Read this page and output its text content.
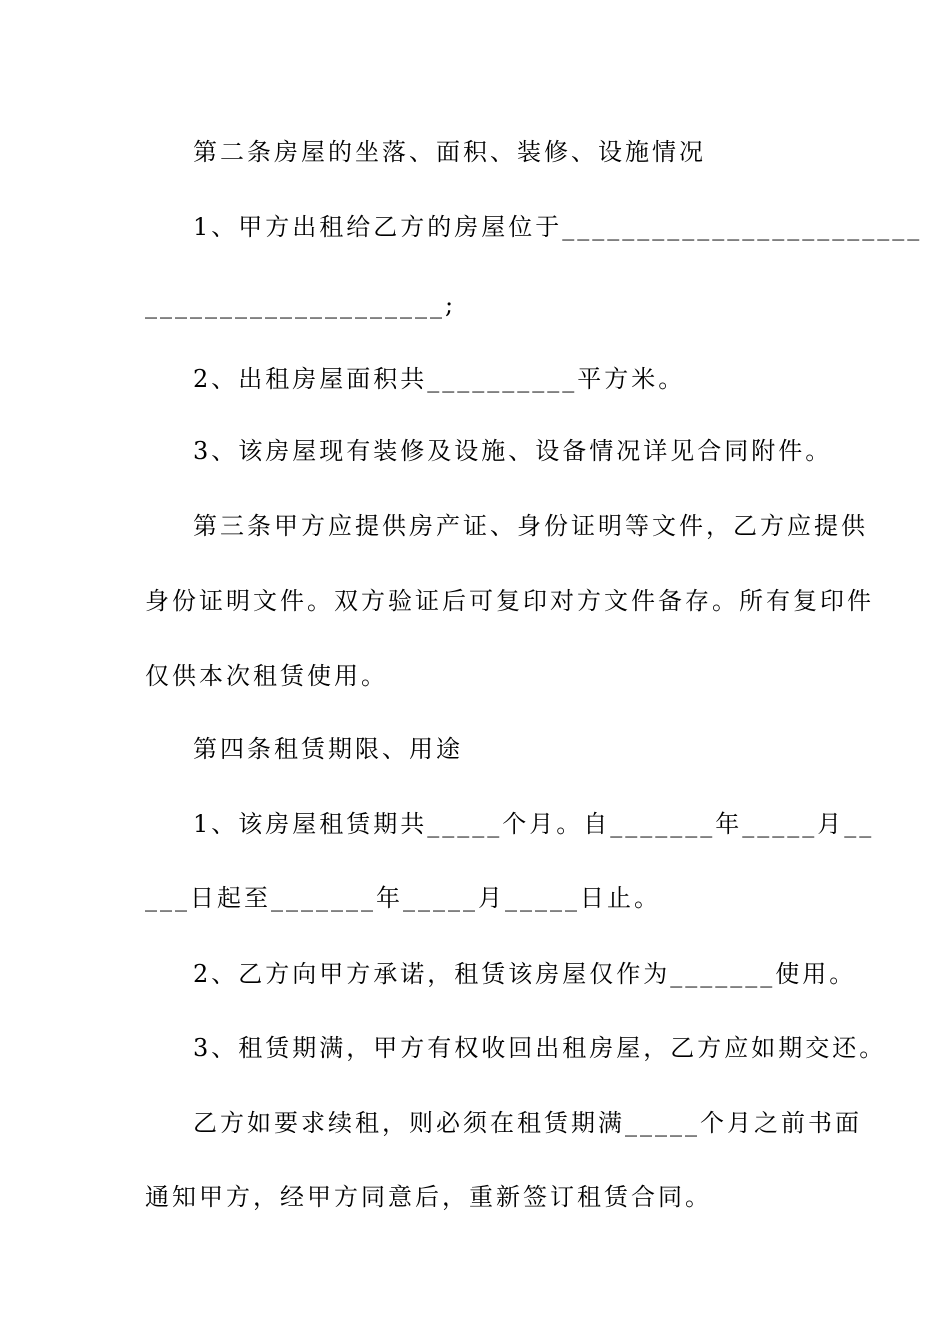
第二条房屋的坐落、面积、装修、设施情况
1、甲方出租给乙方的房屋位于________________________
____________________;
2、出租房屋面积共__________平方米。
3、该房屋现有装修及设施、设备情况详见合同附件。
第三条甲方应提供房产证、身份证明等文件，乙方应提供
身份证明文件。双方验证后可复印对方文件备存。所有复印件
仅供本次租赁使用。
第四条租赁期限、用途
1、该房屋租赁期共_____个月。自_______年_____月__
___日起至_______年_____月_____日止。
2、乙方向甲方承诺，租赁该房屋仅作为_______使用。
3、租赁期满，甲方有权收回出租房屋，乙方应如期交还。
乙方如要求续租，则必须在租赁期满_____个月之前书面
通知甲方，经甲方同意后，重新签订租赁合同。
